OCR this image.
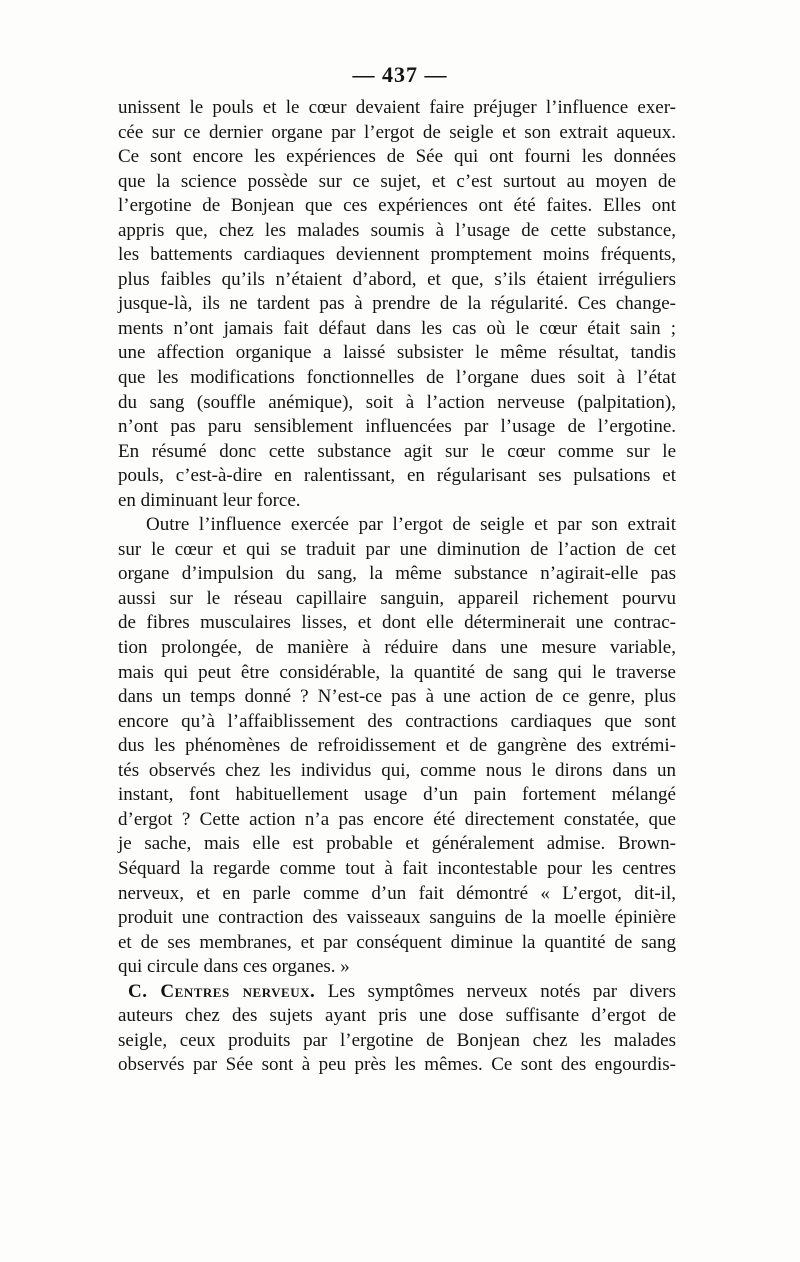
— 437 —
unissent le pouls et le cœur devaient faire préjuger l’influence exer-
cée sur ce dernier organe par l’ergot de seigle et son extrait aqueux.
Ce sont encore les expériences de Sée qui ont fourni les données
que la science possède sur ce sujet, et c’est surtout au moyen de
l’ergotine de Bonjean que ces expériences ont été faites. Elles ont
appris que, chez les malades soumis à l’usage de cette substance,
les battements cardiaques deviennent promptement moins fréquents,
plus faibles qu’ils n’étaient d’abord, et que, s’ils étaient irréguliers
jusque-là, ils ne tardent pas à prendre de la régularité. Ces change-
ments n’ont jamais fait défaut dans les cas où le cœur était sain ;
une affection organique a laissé subsister le même résultat, tandis
que les modifications fonctionnelles de l’organe dues soit à l’état
du sang (souffle anémique), soit à l’action nerveuse (palpitation),
n’ont pas paru sensiblement influencées par l’usage de l’ergotine.
En résumé donc cette substance agit sur le cœur comme sur le
pouls, c’est-à-dire en ralentissant, en régularisant ses pulsations et
en diminuant leur force.
Outre l’influence exercée par l’ergot de seigle et par son extrait
sur le cœur et qui se traduit par une diminution de l’action de cet
organe d’impulsion du sang, la même substance n’agirait-elle pas
aussi sur le réseau capillaire sanguin, appareil richement pourvu
de fibres musculaires lisses, et dont elle déterminerait une contrac-
tion prolongée, de manière à réduire dans une mesure variable,
mais qui peut être considérable, la quantité de sang qui le traverse
dans un temps donné ? N’est-ce pas à une action de ce genre, plus
encore qu’à l’affaiblissement des contractions cardiaques que sont
dus les phénomènes de refroidissement et de gangrène des extrémi-
tés observés chez les individus qui, comme nous le dirons dans un
instant, font habituellement usage d’un pain fortement mélangé
d’ergot ? Cette action n’a pas encore été directement constatée, que
je sache, mais elle est probable et généralement admise. Brown-
Séquard la regarde comme tout à fait incontestable pour les centres
nerveux, et en parle comme d’un fait démontré « L’ergot, dit-il,
produit une contraction des vaisseaux sanguins de la moelle épinière
et de ses membranes, et par conséquent diminue la quantité de sang
qui circule dans ces organes. »
C. Centres nerveux. Les symptômes nerveux notés par divers
auteurs chez des sujets ayant pris une dose suffisante d’ergot de
seigle, ceux produits par l’ergotine de Bonjean chez les malades
observés par Sée sont à peu près les mêmes. Ce sont des engourdis-
